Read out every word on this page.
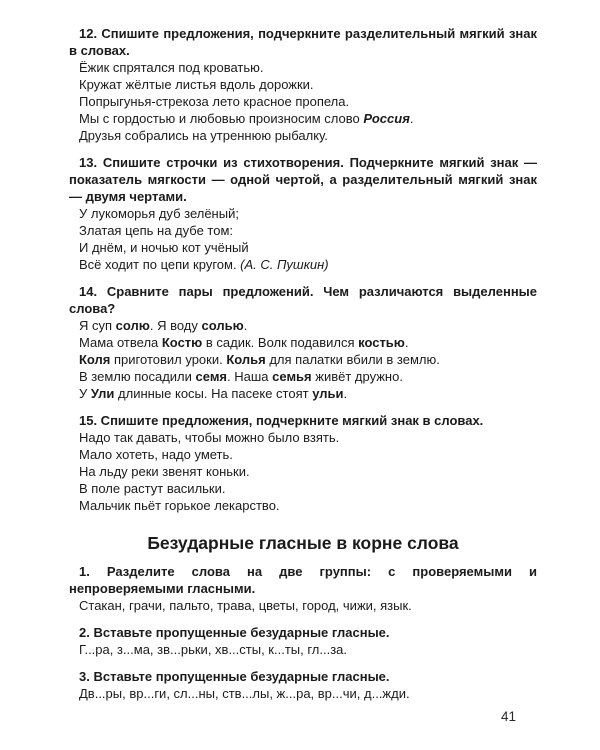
12. Спишите предложения, подчеркните разделительный мягкий знак в словах.

Ёжик спрятался под кроватью.

Кружат жёлтые листья вдоль дорожки.

Попрыгунья-стрекоза лето красное пропела.

Мы с гордостью и любовью произносим слово Россия.

Друзья собрались на утреннюю рыбалку.

13. Спишите строчки из стихотворения. Подчеркните мягкий знак — показатель мягкости — одной чертой, а разделительный мягкий знак — двумя чертами.

У лукоморья дуб зелёный;

Златая цепь на дубе том:

И днём, и ночью кот учёный

Всё ходит по цепи кругом. (А. С. Пушкин)

14. Сравните пары предложений. Чем различаются выделенные слова?

Я суп солю. Я воду солью.

Мама отвела Костю в садик. Волк подавился костью.

Коля приготовил уроки. Колья для палатки вбили в землю.

В землю посадили семя. Наша семья живёт дружно.

У Ули длинные косы. На пасеке стоят ульи.

15. Спишите предложения, подчеркните мягкий знак в словах.

Надо так давать, чтобы можно было взять.

Мало хотеть, надо уметь.

На льду реки звенят коньки.

В поле растут васильки.

Мальчик пьёт горькое лекарство.

Безударные гласные в корне слова

1. Разделите слова на две группы: с проверяемыми и непроверяемыми гласными.

Стакан, грачи, пальто, трава, цветы, город, чижи, язык.

2. Вставьте пропущенные безударные гласные.

Г...ра, з...ма, зв...рьки, хв...сты, к...ты, гл...за.

3. Вставьте пропущенные безударные гласные.

Дв...ры, вр...ги, сл...ны, ств...лы, ж...ра, вр...чи, д...жди.

41
